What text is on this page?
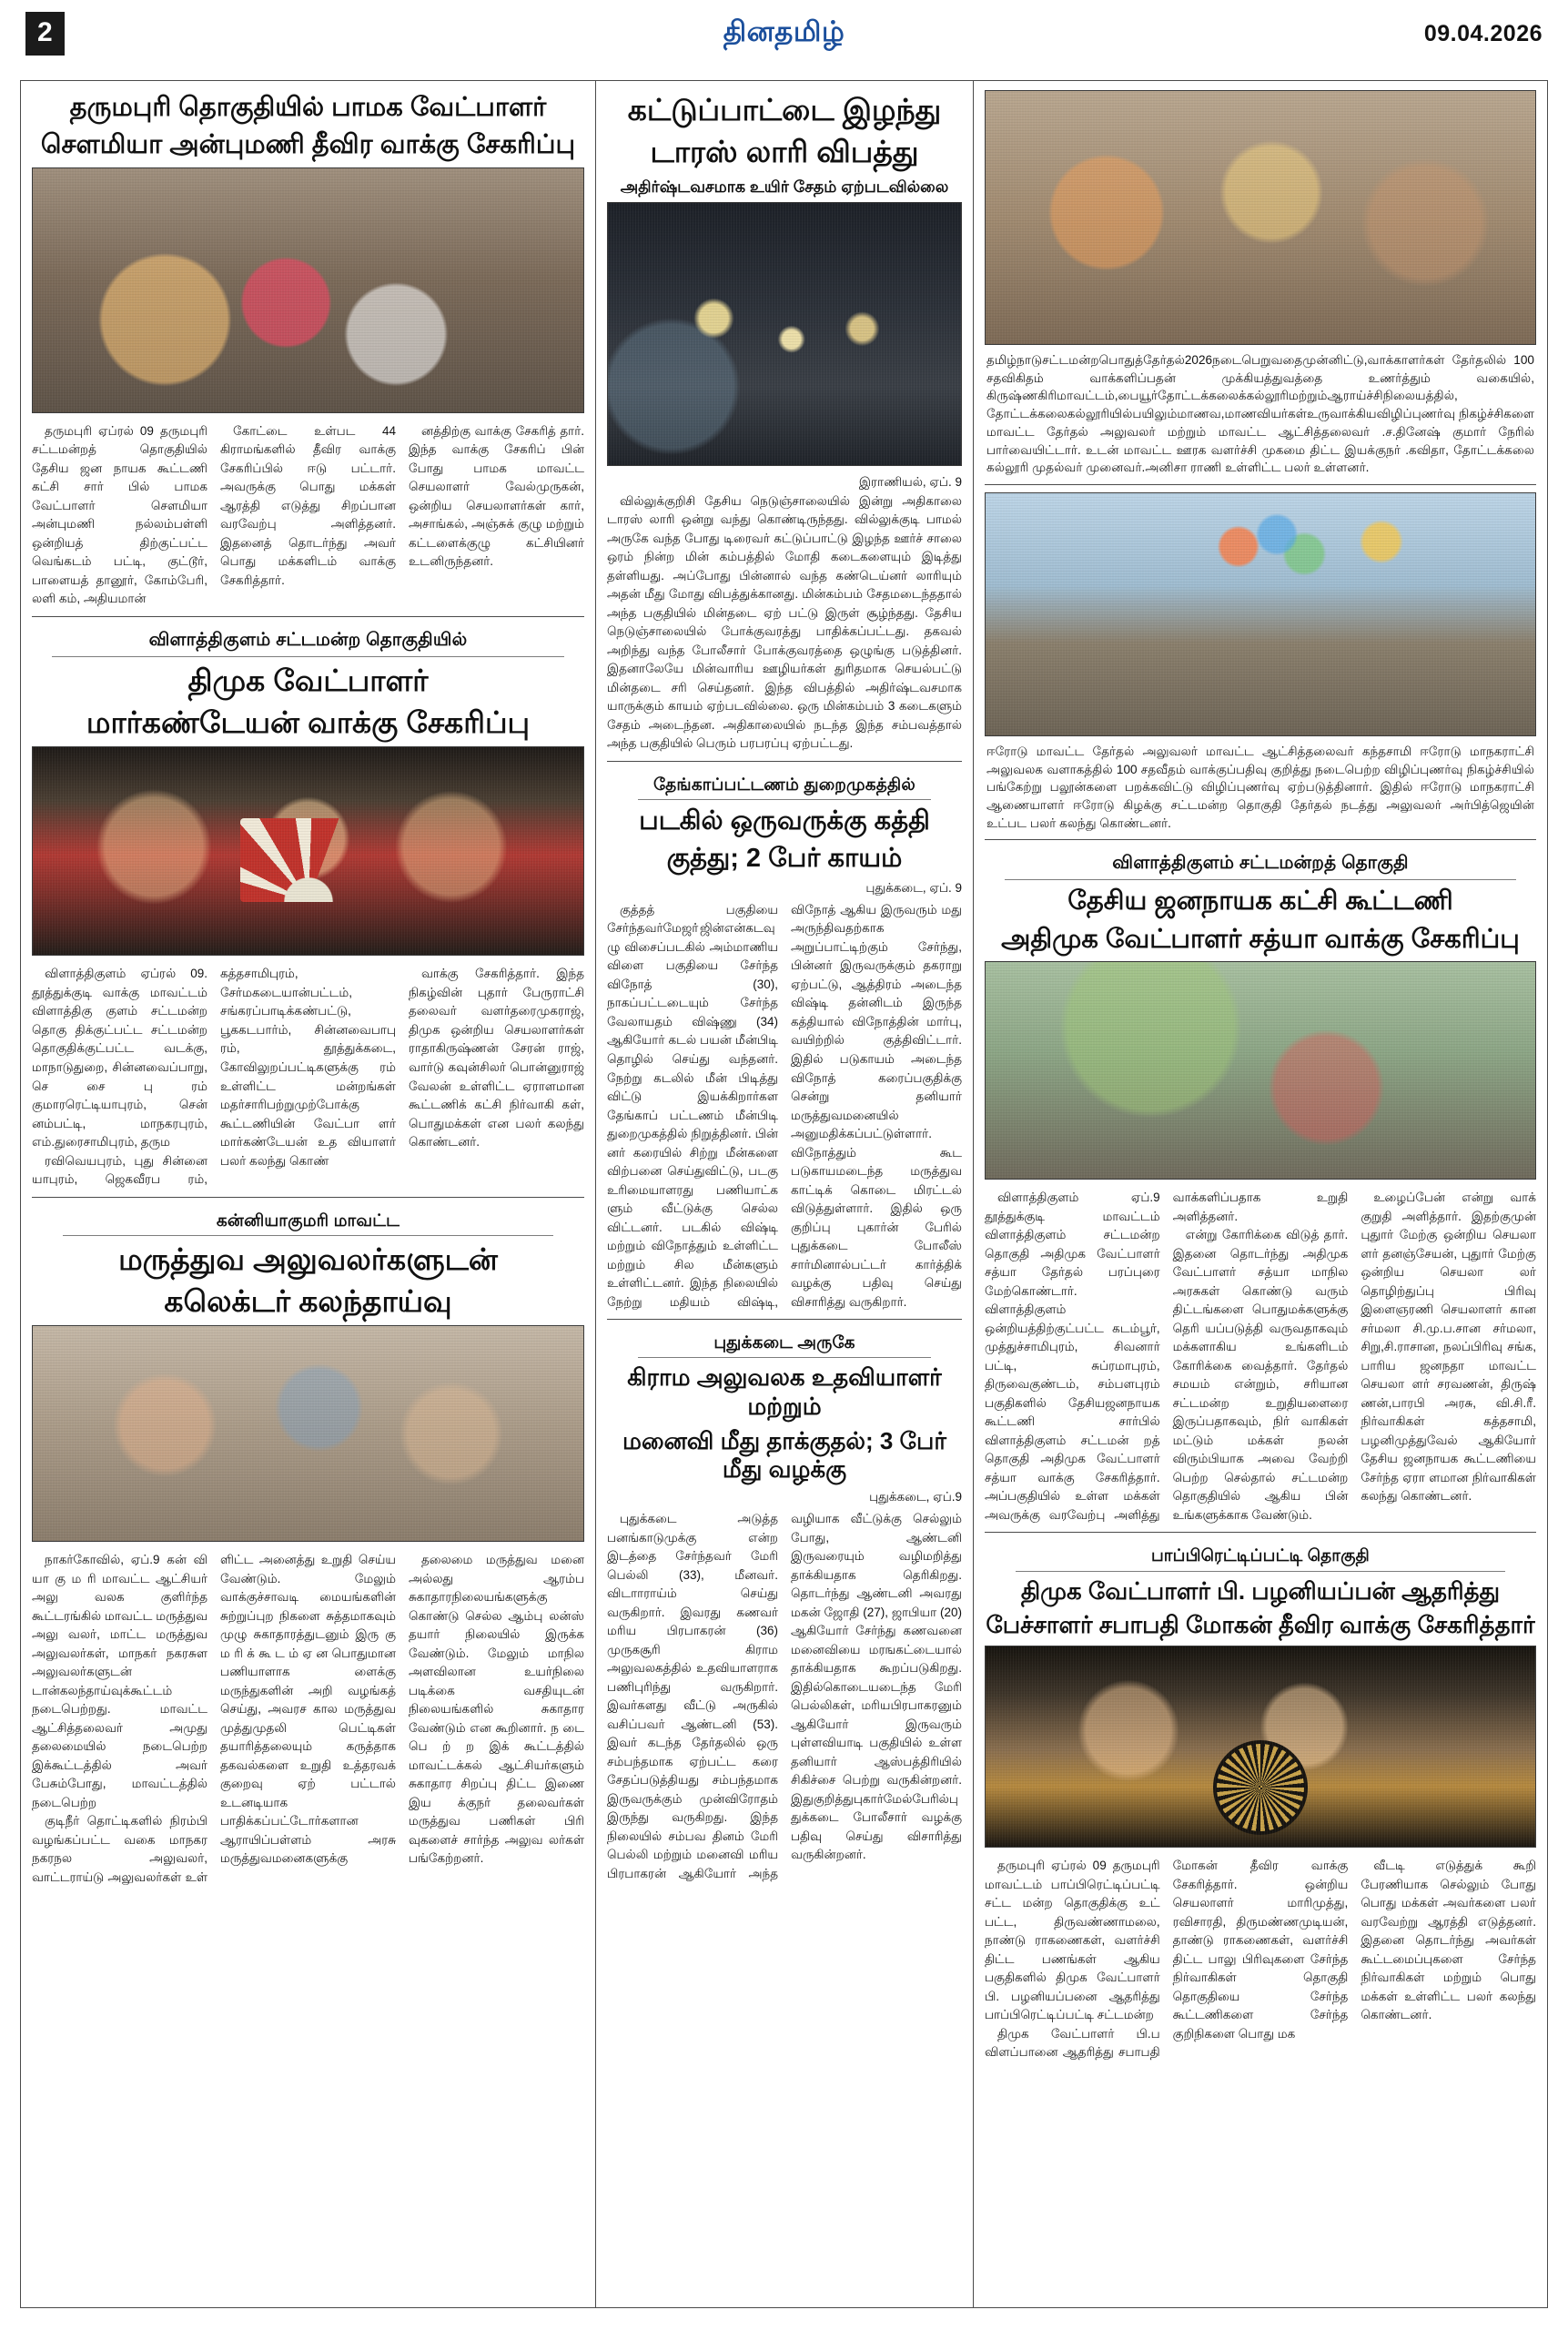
2	தினதமிழ்	09.04.2026
தருமபுரி தொகுதியில் பாமக வேட்பாளர்
சௌமியா அன்புமணி தீவிர வாக்கு சேகரிப்பு

தருமபுரி ஏப்ரல் 09 தருமபுரி சட்டமன்றத் தொகுதியில் தேசிய ஜன நாயக கூட்டணி கட்சி சார் பில் பாமக வேட்பாளர் சௌமியா அன்புமணி நல்லம்பள்ளி ஒன்றியத் திற்குட்பட்ட வெங்கடம் பட்டி, குட்டூர், பாளையத் தானூர், கோம்பேரி, லளி கம், அதியமான்

கோட்டை உள்பட 44 கிராமங்களில் தீவிர வாக்கு சேகரிப்பில் ஈடு பட்டார். அவருக்கு பொது மக்கள் ஆரத்தி எடுத்து சிறப்பான வரவேற்பு அளித்தனர். இதனைத் தொடர்ந்து அவர் பொது மக்களிடம் வாக்கு சேகரித்தார்.

னத்திற்கு வாக்கு சேகரித் தார். இந்த வாக்கு சேகரிப் பின் போது பாமக மாவட்ட செயலாளர் வேல்முருகன், ஒன்றிய செயலாளர்கள் கார், அசாங்கல், அஞ்சுக் குழு மற்றும் கட்டளைக்குழு கட்சியினர் உடனிருந்தனர்.

விளாத்திகுளம் சட்டமன்ற தொகுதியில்
திமுக வேட்பாளர்
மார்கண்டேயன் வாக்கு சேகரிப்பு

விளாத்திகுளம் ஏப்ரல் 09. தூத்துக்குடி வாக்கு மாவட்டம் விளாத்திகு குளம் சட்டமன்ற தொகு திக்குட்பட்ட சட்டமன்ற தொகுதிக்குட்பட்ட வடக்கு, மாநாடுதுறை, சின்னவைப்பாறு, செ சை பு ரம் குமாரரெட்டியாபுரம், சென் னம்பட்டி, மாநகரபுரம், எம்.துரைசாமிபுரம், தரும

ரவிவெயபுரம், புது சின்னை யாபுரம், ஜெகவீரப ரம், கத்தசாமிபுரம், சேர்மகடையான்பட்டம், சங்கரப்பாடிக்கண்பட்டு, பூககடபார்ம், சின்னவைபாபு ரம், தூத்துக்கடை, கோவிலுறப்பட்டிகளுக்கு ரம் உள்ளிட்ட மன்றங்கள் மதர்சாரிபற்றுமுற்போக்கு கூட்டணியின் வேட்பா ளர் மார்கண்டேயன் உத வியாளர் பலர் கலந்து கொண்

வாக்கு சேகரித்தார். இந்த நிகழ்வின் புதார் பேருராட்சி தலைவர் வளர்தரைமுகராஜ், திமுக ஒன்றிய செயலாளர்கள் ராதாகிருஷ்ணன் சேரன் ராஜ், வார்டு கவுன்சிலர் பொன்னுராஜ் வேலன் உள்ளிட்ட ஏராளமான கூட்டணிக் கட்சி நிர்வாகி கள், பொதுமக்கள் என பலர் கலந்து கொண்டனர்.

கன்னியாகுமரி மாவட்ட
மருத்துவ அலுவலர்களுடன்
கலெக்டர் கலந்தாய்வு

நாகர்கோவில், ஏப்.9 கன் வி யா கு ம ரி மாவட்ட ஆட்சியர் அலு வலக குளிர்ந்த கூட்டரங்கில் மாவட்ட மருத்துவ அலு வலர், மாட்ட மருத்துவ அலுவலர்கள், மாநகர் நகரசுள அலுவலர்களுடன் டான்கலந்தாய்வுக்கூட்டம் நடைபெற்றது. மாவட்ட ஆட்சித்தலைவர் அமுது தலைமையில் நடைபெற்ற இக்கூட்டத்தில் அவர் பேசும்போது, மாவட்டத்தில் நடைபெற்ற

குடிநீர் தொட்டிகளில் நிரம்பி வழங்கப்பட்ட வகை மாநகர நகரநல அலுவலர், வாட்டராய்டு அலுவலர்கள் உள் ளிட்ட அனைத்து உறுதி செய்ய வேண்டும். மேலும் வாக்குச்சாவடி மையங்களின் சுற்றுப்புற நிகளை சுத்தமாகவும் முழு சுகாதாரத்துடனும் இரு கு ம ரி க் கூ ட ம் ஏ ன பொதுமான பணியாளாக ளைக்கு மருந்துகளின் அறி வழங்கத் செய்து, அவரச கால மருத்துவ முத்துமுதலி பெட்டிகள் தயாரித்தலையும் கருத்தாக தகவல்களை உறுதி உத்தரவக் குறைவு ஏற் பட்டால் உடனடியாக பாதிக்கப்பட்டோர்களான ஆராயிப்பள்ளம் அரசு மருத்துவமனைகளுக்கு

தலைமை மருத்துவ மனை அல்லது ஆரம்ப சுகாதாரநிலையங்களுக்கு கொண்டு செல்ல ஆம்பு லன்ஸ் தயார் நிலையில் இருக்க வேண்டும். மேலும் மாநில அளவிலான உயர்நிலை படிக்கை வசதியுடன் நிலையங்களில் சுகாதார வேண்டும் என கூறினார். ந டை பெ ற் ற இக் கூட்டத்தில் மாவட்டக்கல் ஆட்சியர்களும் சுகாதார சிறப்பு திட்ட இணை இய க்குநர் தலைவர்கள் மருத்துவ பணிகள் பிரி வுகளைச் சார்ந்த அலுவ லர்கள் பங்கேற்றனர்.

கட்டுப்பாட்டை இழந்து
டாரஸ் லாரி விபத்து
அதிர்ஷ்டவசமாக உயிர் சேதம் ஏற்படவில்லை
இராணியல், ஏப். 9

வில்லுக்குறிசி தேசிய நெடுஞ்சாலையில் இன்று அதிகாலை டாரஸ் லாரி ஒன்று வந்து கொண்டிருந்தது. வில்லுக்குடி பாமல் அருகே வந்த போது டிரைவர் கட்டுப்பாட்டு இழந்த ஊர்ச் சாலை ஒரம் நின்ற மின் கம்பத்தில் மோதி கடைகளையும் இடித்து தள்ளியது. அப்போது பின்னால் வந்த கண்டெய்னர் லாரியும் அதன் மீது மோது விபத்துக்கானது. மின்கம்பம் சேதமடைந்ததால் அந்த பகுதியில் மின்தடை ஏற் பட்டு இருள் சூழ்ந்தது. தேசிய நெடுஞ்சாலையில் போக்குவரத்து பாதிக்கப்பட்டது. தகவல் அறிந்து வந்த போலீசார் போக்குவரத்தை ஒழுங்கு படுத்தினர். இதனாலேயே மின்வாரிய ஊழியர்கள் துரிதமாக செயல்பட்டு மின்தடை சரி செய்தனர். இந்த விபத்தில் அதிர்ஷ்டவசமாக யாருக்கும் காயம் ஏற்படவில்லை. ஒரு மின்கம்பம் 3 கடைகளும் சேதம் அடைந்தன. அதிகாலையில் நடந்த இந்த சம்பவத்தால் அந்த பகுதியில் பெரும் பரபரப்பு ஏற்பட்டது.

தேங்காப்பட்டணம் துறைமுகத்தில்
படகில் ஒருவருக்கு கத்தி
குத்து; 2 பேர் காயம்
புதுக்கடை, ஏப். 9

குத்தத் பகுதியை சேர்ந்தவர்மேஜா்ஜின்என்கடவுழு விசைப்படகில் அம்மாணிய விளை பகுதியை சேர்ந்த விநோத் (30), நாகப்பட்டடையும் சேர்ந்த வேலாயதம் விஷ்ணு (34) ஆகியோர் கடல் பயன் மீன்பிடி தொழில் செய்து வந்தனர். நேற்று கடலில் மீன் பிடித்து விட்டு இயக்கிறார்கள தேங்காப் பட்டணம் மீன்பிடி துறைமுகத்தில் நிறுத்தினர். பின் னர் கரையில் சிற்று மீன்களை விற்பனை செய்துவிட்டு, படகு உரிமையாளரது பணியாட்க ளும் வீட்டுக்கு செல்ல விட்டனர். படகில் விஷ்டி மற்றும் விநோத்தும் உள்ளிட்ட மற்றும் சில மீன்களும் உள்ளிட்டனர். இந்த நிலையில் நேற்று மதியம் விஷ்டி, விநோத் ஆகிய இருவரும் மது அருந்திவதற்காக அறுப்பாட்டிற்கும் சேர்ந்து, பின்னர் இருவருக்கும் தகராறு ஏற்பட்டு, ஆத்திரம் அடைந்த விஷ்டி தன்னிடம் இருந்த கத்தியால் விநோத்தின் மார்பு, வயிற்றில் குத்திவிட்டார். இதில் படுகாயம் அடைந்த விநோத் கரைப்பகுதிக்கு சென்று தனியார் மருத்துவமனையில் அனுமதிக்கப்பட்டுள்ளார். விநோத்தும் கூட படுகாயமடைந்த மருத்துவ காட்டிக் கொடை மிரட்டல் விடுத்துள்ளார். இதில் ஒரு குறிப்பு புகார்ன் பேரில் புதுக்கடை போலீஸ் சார்மினால்பட்டர் கார்த்திக் வழக்கு பதிவு செய்து விசாரித்து வருகிறார்.

புதுக்கடை அருகே
கிராம அலுவலக உதவியாளர் மற்றும்
மனைவி மீது தாக்குதல்; 3 பேர் மீது வழக்கு
புதுக்கடை, ஏப்.9

புதுக்கடை அடுத்த பனங்காடுமுக்கு என்ற இடத்தை சேர்ந்தவர் மேரி பெல்லி (33), மீனவர். விடாாராய்ம் செய்து வருகிறார். இவரது கணவர் மரிய பிரபாகரன் (36) முருகசூரி கிராம அலுவலகத்தில் உதவியாளராக பணிபுரிந்து வருகிறார். இவர்களது வீட்டு அருகில் வசிப்பவர் ஆண்டனி (53). இவர் கடந்த தேர்தலில் ஒரு சம்பந்தமாக ஏற்பட்ட கரை சேதப்படுத்தியது சம்பந்தமாக இருவருக்கும் முன்விரோதம் இருந்து வருகிறது. இந்த நிலையில் சம்பவ தினம் மேரி பெல்லி மற்றும் மனைவி மரிய பிரபாகரன் ஆகியோர் அந்த வழியாக வீட்டுக்கு செல்லும் போது, ஆண்டனி இருவரையும் வழிமறித்து தாக்கியதாக தெரிகிறது. தொடர்ந்து ஆண்டனி அவரது மகன் ஜோதி (27), ஜாபியா (20) ஆகியோர் சேர்ந்து கணவனை மனைவியை மரஙகட்டையால் தாக்கியதாக கூறப்படுகிறது. இதில்கொடையடைந்த மேரி பெல்லிகள், மரியபிரபாகரனும் ஆகியோர் இருவரும் புள்ளவியாடி பகுதியில் உள்ள தனியார் ஆஸ்பத்திரியில் சிகிச்சை பெற்று வருகின்றனர். இதுகுறித்துபுகார்மேல்பேரில்புதுக்கடை போலீசார் வழக்கு பதிவு செய்து விசாரித்து வருகின்றனர்.

தமிழ்நாடுசட்டமன்றபொதுத்தேர்தல்2026நடைபெறுவதைமுன்னிட்டு,வாக்காளர்கள் தேர்தலில் 100 சதவிகிதம் வாக்களிப்பதன் முக்கியத்துவத்தை உணர்த்தும் வகையில், கிருஷ்ணகிரிமாவட்டம்,பையூர்தோட்டக்கலைக்கல்லூரிமற்றும்ஆராய்ச்சிநிலையத்தில், தோட்டக்கலைகல்லூரியில்பயிலும்மாணவ,மாணவியர்கள்உருவாக்கியவிழிப்புணர்வு நிகழ்ச்சிகளை மாவட்ட தேர்தல் அலுவலர் மற்றும் மாவட்ட ஆட்சித்தலைவர் .ச.தினேஷ் குமார் நேரில் பார்வையிட்டார். உடன் மாவட்ட ஊரக வளர்ச்சி முகமை திட்ட இயக்குநர் .கவிதா, தோட்டக்கலை கல்லூரி முதல்வர் முனைவர்.அனிசா ராணி உள்ளிட்ட பலர் உள்ளனர்.
ஈரோடு மாவட்ட தேர்தல் அலுவலர் மாவட்ட ஆட்சித்தலைவர் கந்தசாமி ஈரோடு மாநகராட்சி அலுவலக வளாகத்தில் 100 சதவீதம் வாக்குப்பதிவு குறித்து நடைபெற்ற விழிப்புணர்வு நிகழ்ச்சியில் பங்கேற்று பலூன்களை பறக்கவிட்டு விழிப்புணர்வு ஏற்படுத்தினார். இதில் ஈரோடு மாநகராட்சி ஆணையாளர் ஈரோடு கிழக்கு சட்டமன்ற தொகுதி தேர்தல் நடத்து அலுவலர் அர்பித்ஜெயின் உட்பட பலர் கலந்து கொண்டனர்.
விளாத்திகுளம் சட்டமன்றத் தொகுதி
தேசிய ஜனநாயக கட்சி கூட்டணி
அதிமுக வேட்பாளர் சத்யா வாக்கு சேகரிப்பு

விளாத்திகுளம் ஏப்.9 தூத்துக்குடி மாவட்டம் விளாத்திகுளம் சட்டமன்ற தொகுதி அதிமுக வேட்பாளர் சத்யா தேர்தல் பரப்புரை மேற்கொண்டார். விளாத்திகுளம் ஒன்றியத்திற்குட்பட்ட கடம்பூர், முத்துச்சாமிபுரம், சிவனார் பட்டி, சுப்ரமாபுரம், திருவைகுண்டம், சம்பளபுரம் பகுதிகளில் தேசியஜனநாயக கூட்டணி சார்பில் விளாத்திகுளம் சட்டமன் றத் தொகுதி அதிமுக வேட்பாளர் சத்யா வாக்கு சேகரித்தார். அப்பகுதியில் உள்ள மக்கள் அவருக்கு வரவேற்பு அளித்து வாக்களிப்பதாக உறுதி அளித்தனர்.

என்று கோரிக்கை விடுத் தார். இதனை தொடர்ந்து அதிமுக வேட்பாளர் சத்யா மாநில அரசுகள் கொண்டு வரும் திட்டங்களை பொதுமக்களுக்கு தெரி யப்படுத்தி வருவதாகவும் மக்களாகிய உங்களிடம் கோரிக்கை வைத்தார். தேர்தல் சமயம் என்றும், சரியான சட்டமன்ற உறுதியளைரை இருப்பதாகவும், நிர் வாகிகள் மட்டும் மக்கள் நலன் விரும்பியாக அவை வேற்றி பெற்ற செல்தால் சட்டமன்ற தொகுதியில் ஆகிய பின் உங்களுக்காக வேண்டும்.

உழைப்பேன் என்று வாக் குறுதி அளித்தார். இதற்குமுன் புதுார் மேற்கு ஒன்றிய செயலா ளர் தனஞ்சேயன், புதுார் மேற்கு ஒன்றிய செயலா லர் தொழிற்துப்பு பிரிவு இளைஞரணி செயலாளர் கான சர்மலா சி.மு.ப.சான சர்மலா, சிறு,சி.ராசான, நலப்பிரிவு சங்க, பாரிய ஜனநதா மாவட்ட செயலா ளர் சரவணன், திருஷ் ணன்,பாரபி அரசு, வி.சி.ரீ. நிர்வாகிகள் கத்தசாமி, பழனிமுத்துவேல் ஆகியோர் தேசிய ஜனநாயக கூட்டணியை சேர்ந்த ஏரா ளமான நிர்வாகிகள் கலந்து கொண்டனர்.

பாப்பிரெட்டிப்பட்டி தொகுதி
திமுக வேட்பாளர் பி. பழனியப்பன் ஆதரித்து
பேச்சாளர் சபாபதி மோகன் தீவிர வாக்கு சேகரித்தார்

தருமபுரி ஏப்ரல் 09 தருமபுரி மாவட்டம் பாப்பிரெட்டிப்பட்டி சட்ட மன்ற தொகுதிக்கு உட் பட்ட, திருவண்ணாமலை, நாண்டு ராகணைகள், வளர்ச்சி திட்ட பணங்கள் ஆகிய பகுதிகளில் திமுக வேட்பாளர் பி. பழனியப்பனை ஆதரித்து பாப்பிரெட்டிப்பட்டி சட்டமன்ற

திமுக வேட்பாளர் பி.ப விளப்பானை ஆதரித்து சபாபதி மோகன் தீவிர வாக்கு சேகரித்தார். ஒன்றிய செயலாளர் மாரிமுத்து, ரவிசாரதி, திருமண்ணமுடியன், தாண்டு ராகணைகள், வளர்ச்சி திட்ட பாலு பிரிவுகளை சேர்ந்த நிர்வாகிகள் தொகுதி தொகுதியை சேர்ந்த கூட்டணிகளை சேர்ந்த குறிநிகளை பொது மக

வீடடி எடுத்துக் கூறி பேரணியாக செல்லும் போது பொது மக்கள் அவர்களை பலர் வரவேற்று ஆரத்தி எடுத்தனர். இதனை தொடர்ந்து அவர்கள் கூட்டமைப்புகளை சேர்ந்த நிர்வாகிகள் மற்றும் பொது மக்கள் உள்ளிட்ட பலர் கலந்து கொண்டனர்.
